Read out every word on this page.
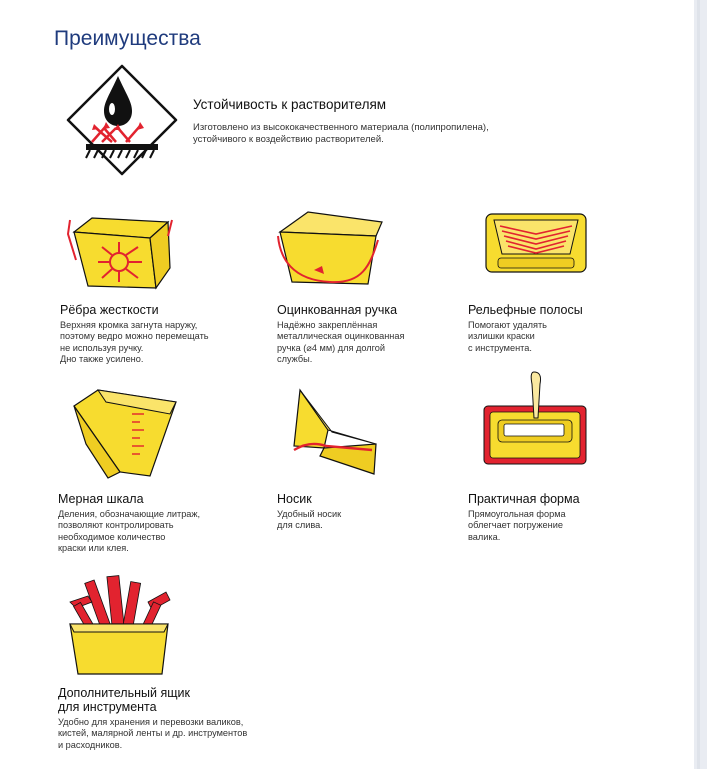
Преимущества
Устойчивость к растворителям
Изготовлено из высококачественного материала (полипропилена),
устойчивого к воздействию растворителей.
Рёбра жесткости
Верхняя кромка загнута наружу,
поэтому ведро можно перемещать
не используя ручку.
Дно также усилено.
Оцинкованная ручка
Надёжно закреплённая
металлическая оцинкованная
ручка (⌀4 мм) для долгой
службы.
Рельефные полосы
Помогают удалять
излишки краски
с инструмента.
Мерная шкала
Деления, обозначающие литраж,
позволяют контролировать
необходимое количество
краски или клея.
Носик
Удобный носик
для слива.
Практичная форма
Прямоугольная форма
облегчает погружение
валика.
Дополнительный ящик
для инструмента
Удобно для хранения и перевозки валиков,
кистей, малярной ленты и др. инструментов
и расходников.
